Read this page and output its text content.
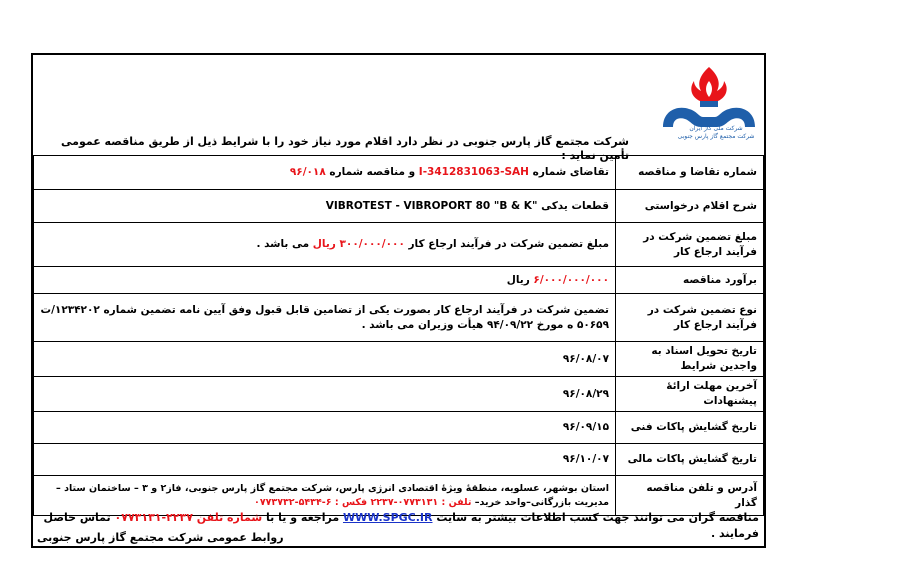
شرکت ملی گاز ایران
شرکت مجتمع گاز پارس جنوبی
شرکت مجتمع گاز پارس جنوبی در نظر دارد اقلام مورد نیاز خود را با شرایط ذیل از طریق مناقصه عمومی تأمین نماید :
شماره تقاضا و مناقصه	تقاضای شماره I-3412831063-SAH و مناقصه شماره ۹۶/۰۱۸
شرح اقلام درخواستی	قطعات یدکی VIBROTEST - VIBROPORT 80 "B & K"
مبلغ تضمین شرکت در فرآیند ارجاع کار	مبلغ تضمین شرکت در فرآیند ارجاع کار ۳۰۰/۰۰۰/۰۰۰ ریال می باشد .
برآورد مناقصه	۶/۰۰۰/۰۰۰/۰۰۰ ریال
نوع تضمین شرکت در فرآیند ارجاع کار	تضمین شرکت در فرآیند ارجاع کار بصورت یکی از تضامین قابل قبول وفق آیین نامه تضمین شماره ۱۲۳۴۲۰۲/ت ۵۰۶۵۹ ه مورخ ۹۴/۰۹/۲۲ هیأت وزیران می باشد .
تاریخ تحویل اسناد به واجدین شرایط	۹۶/۰۸/۰۷
آخرین مهلت ارائهٔ پیشنهادات	۹۶/۰۸/۲۹
تاریخ گشایش پاکات فنی	۹۶/۰۹/۱۵
تاریخ گشایش پاکات مالی	۹۶/۱۰/۰۷
آدرس و تلفن مناقصه گذار	استان بوشهر، عسلویه، منطقهٔ ویژهٔ اقتصادی انرژی پارس، شرکت مجتمع گاز پارس جنوبی، فاز۲ و ۳ – ساختمان ستاد – مدیریت بازرگانی–واحد خرید– تلفن : ۰۷۷۳۱۳۱-۲۲۳۷ فکس : ۶-۵۴۳۴-۰۷۷۳۷۳۲
مناقصه گران می توانند جهت کسب اطلاعات بیشتر به سایت WWW.SPGC.IR مراجعه و یا با شماره تلفن ۲۲۳۷-۰۷۷۳۱۳۱ تماس حاصل فرمایند .
روابط عمومی شرکت مجتمع گاز پارس جنوبی
